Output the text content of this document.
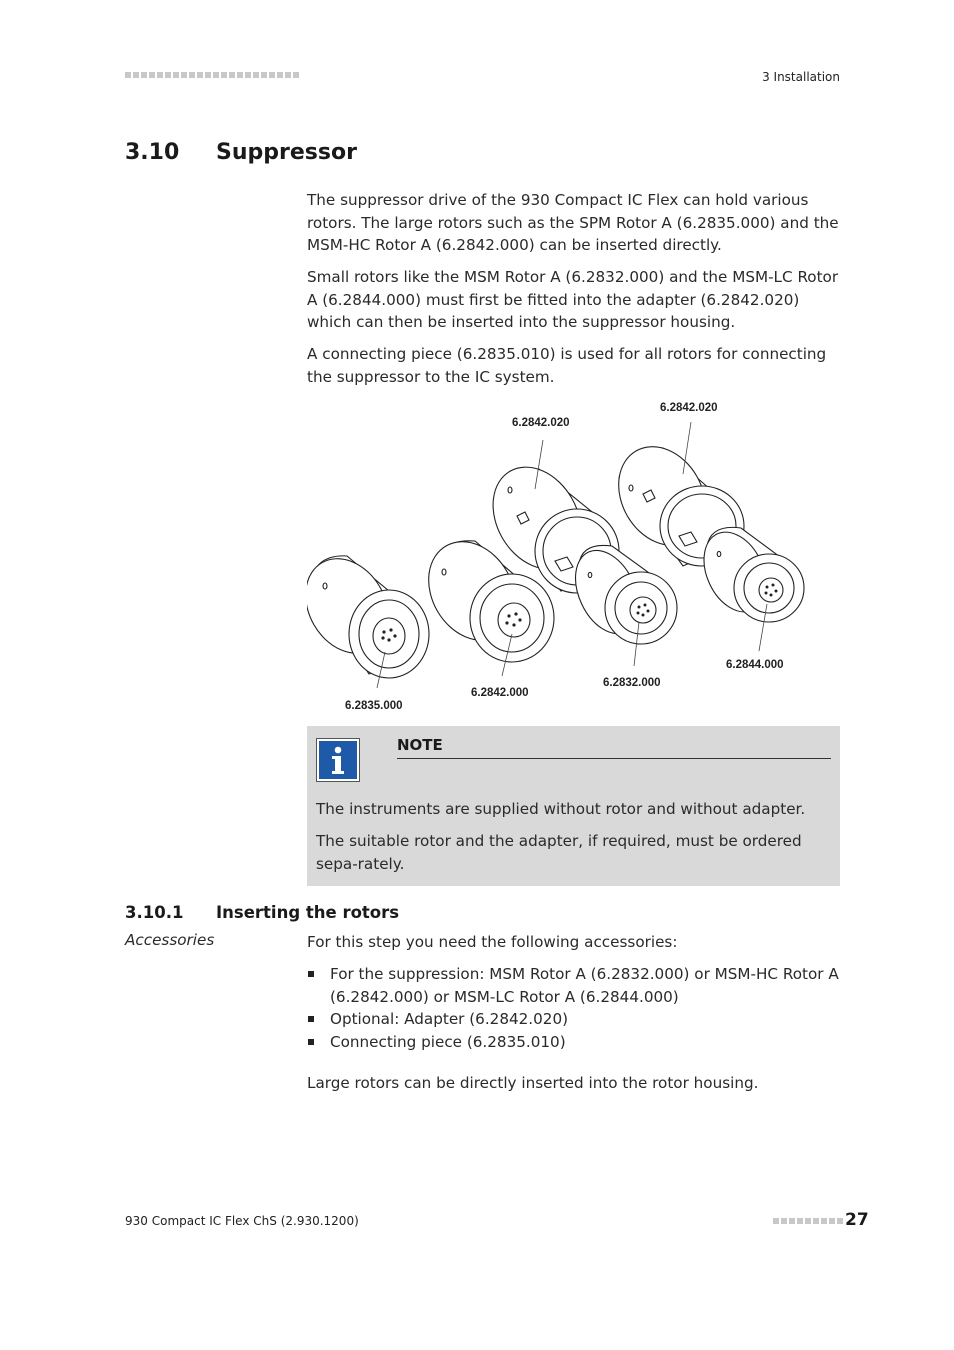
3 Installation
3.10 Suppressor

The suppressor drive of the 930 Compact IC Flex can hold various rotors. The large rotors such as the SPM Rotor A (6.2835.000) and the MSM-HC Rotor A (6.2842.000) can be inserted directly.

Small rotors like the MSM Rotor A (6.2832.000) and the MSM-LC Rotor A (6.2844.000) must first be fitted into the adapter (6.2842.020) which can then be inserted into the suppressor housing.

A connecting piece (6.2835.010) is used for all rotors for connecting the suppressor to the IC system.

6.2842.020
6.2842.020
6.2835.000
6.2842.000
6.2832.000
6.2844.000
NOTE

The instruments are supplied without rotor and without adapter.

The suitable rotor and the adapter, if required, must be ordered sepa-rately.

3.10.1 Inserting the rotors
Accessories	For this step you need the following accessories:

For the suppression: MSM Rotor A (6.2832.000) or MSM-HC Rotor A (6.2842.000) or MSM-LC Rotor A (6.2844.000)
Optional: Adapter (6.2842.020)
Connecting piece (6.2835.010)

Large rotors can be directly inserted into the rotor housing.

930 Compact IC Flex ChS (2.930.1200)	27
